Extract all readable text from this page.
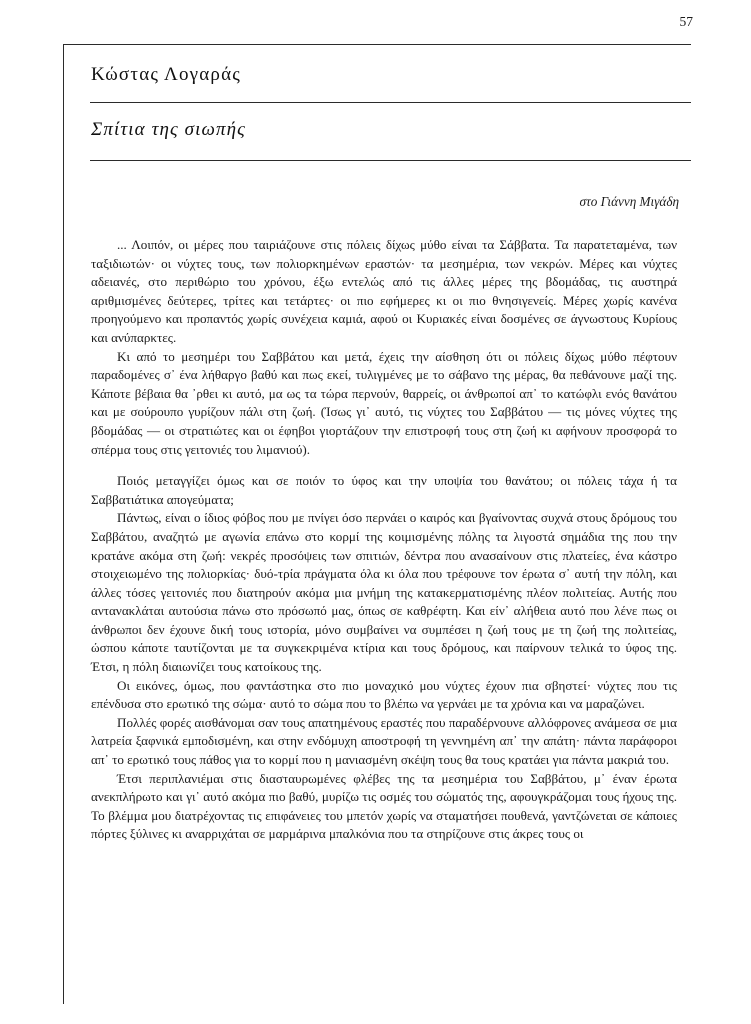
57
Κώστας Λογαράς
Σπίτια της σιωπής
στο Γιάννη Μιγάδη

... Λοιπόν, οι μέρες που ταιριάζουνε στις πόλεις δίχως μύθο είναι τα Σάββατα. Τα παρατεταμένα, των ταξιδιωτών· οι νύχτες τους, των πολιορκημένων εραστών· τα μεσημέρια, των νεκρών. Μέρες και νύχτες αδειανές, στο περιθώριο του χρόνου, έξω εντελώς από τις άλλες μέρες της βδομάδας, τις αυστηρά αριθμισμένες δεύτερες, τρίτες και τετάρτες· οι πιο εφήμερες κι οι πιο θνησιγενείς. Μέρες χωρίς κανένα προηγούμενο και προπαντός χωρίς συνέχεια καμιά, αφού οι Κυριακές είναι δοσμένες σε άγνωστους Κυρίους και ανύπαρκτες.

Κι από το μεσημέρι του Σαββάτου και μετά, έχεις την αίσθηση ότι οι πόλεις δίχως μύθο πέφτουν παραδομένες σ᾽ ένα λήθαργο βαθύ και πως εκεί, τυλιγμένες με το σάβανο της μέρας, θα πεθάνουνε μαζί της. Κάποτε βέβαια θα ᾽ρθει κι αυτό, μα ως τα τώρα περνούν, θαρρείς, οι άνθρωποί απ᾽ το κατώφλι ενός θανάτου και με σούρουπο γυρίζουν πάλι στη ζωή. (Ίσως γι᾽ αυτό, τις νύχτες του Σαββάτου — τις μόνες νύχτες της βδομάδας — οι στρατιώτες και οι έφηβοι γιορτάζουν την επιστροφή τους στη ζωή κι αφήνουν προσφορά το σπέρμα τους στις γειτονιές του λιμανιού).

Ποιός μεταγγίζει όμως και σε ποιόν το ύφος και την υποψία του θανάτου; οι πόλεις τάχα ή τα Σαββατιάτικα απογεύματα;

Πάντως, είναι ο ίδιος φόβος που με πνίγει όσο περνάει ο καιρός και βγαίνοντας συχνά στους δρόμους του Σαββάτου, αναζητώ με αγωνία επάνω στο κορμί της κοιμισμένης πόλης τα λιγοστά σημάδια της που την κρατάνε ακόμα στη ζωή: νεκρές προσόψεις των σπιτιών, δέντρα που ανασαίνουν στις πλατείες, ένα κάστρο στοιχειωμένο της πολιορκίας· δυό-τρία πράγματα όλα κι όλα που τρέφουνε τον έρωτα σ᾽ αυτή την πόλη, και άλλες τόσες γειτονιές που διατηρούν ακόμα μια μνήμη της κατακερματισμένης πλέον πολιτείας. Αυτής που αντανακλάται αυτούσια πάνω στο πρόσωπό μας, όπως σε καθρέφτη. Και είν᾽ αλήθεια αυτό που λένε πως οι άνθρωποι δεν έχουνε δική τους ιστορία, μόνο συμβαίνει να συμπέσει η ζωή τους με τη ζωή της πολιτείας, ώσπου κάποτε ταυτίζονται με τα συγκεκριμένα κτίρια και τους δρόμους, και παίρνουν τελικά το ύφος της. Έτσι, η πόλη διαιωνίζει τους κατοίκους της.

Οι εικόνες, όμως, που φαντάστηκα στο πιο μοναχικό μου νύχτες έχουν πια σβηστεί· νύχτες που τις επένδυσα στο ερωτικό της σώμα· αυτό το σώμα που το βλέπω να γερνάει με τα χρόνια και να μαραζώνει.

Πολλές φορές αισθάνομαι σαν τους απατημένους εραστές που παραδέρνουνε αλλόφρονες ανάμεσα σε μια λατρεία ξαφνικά εμποδισμένη, και στην ενδόμυχη αποστροφή τη γεννημένη απ᾽ την απάτη· πάντα παράφοροι απ᾽ το ερωτικό τους πάθος για το κορμί που η μανιασμένη σκέψη τους θα τους κρατάει για πάντα μακριά του.

Έτσι περιπλανιέμαι στις διασταυρωμένες φλέβες της τα μεσημέρια του Σαββάτου, μ᾽ έναν έρωτα ανεκπλήρωτο και γι᾽ αυτό ακόμα πιο βαθύ, μυρίζω τις οσμές του σώματός της, αφουγκράζομαι τους ήχους της. Το βλέμμα μου διατρέχοντας τις επιφάνειες του μπετόν χωρίς να σταματήσει πουθενά, γαντζώνεται σε κάποιες πόρτες ξύλινες κι αναρριχάται σε μαρμάρινα μπαλκόνια που τα στηρίζουνε στις άκρες τους οι
